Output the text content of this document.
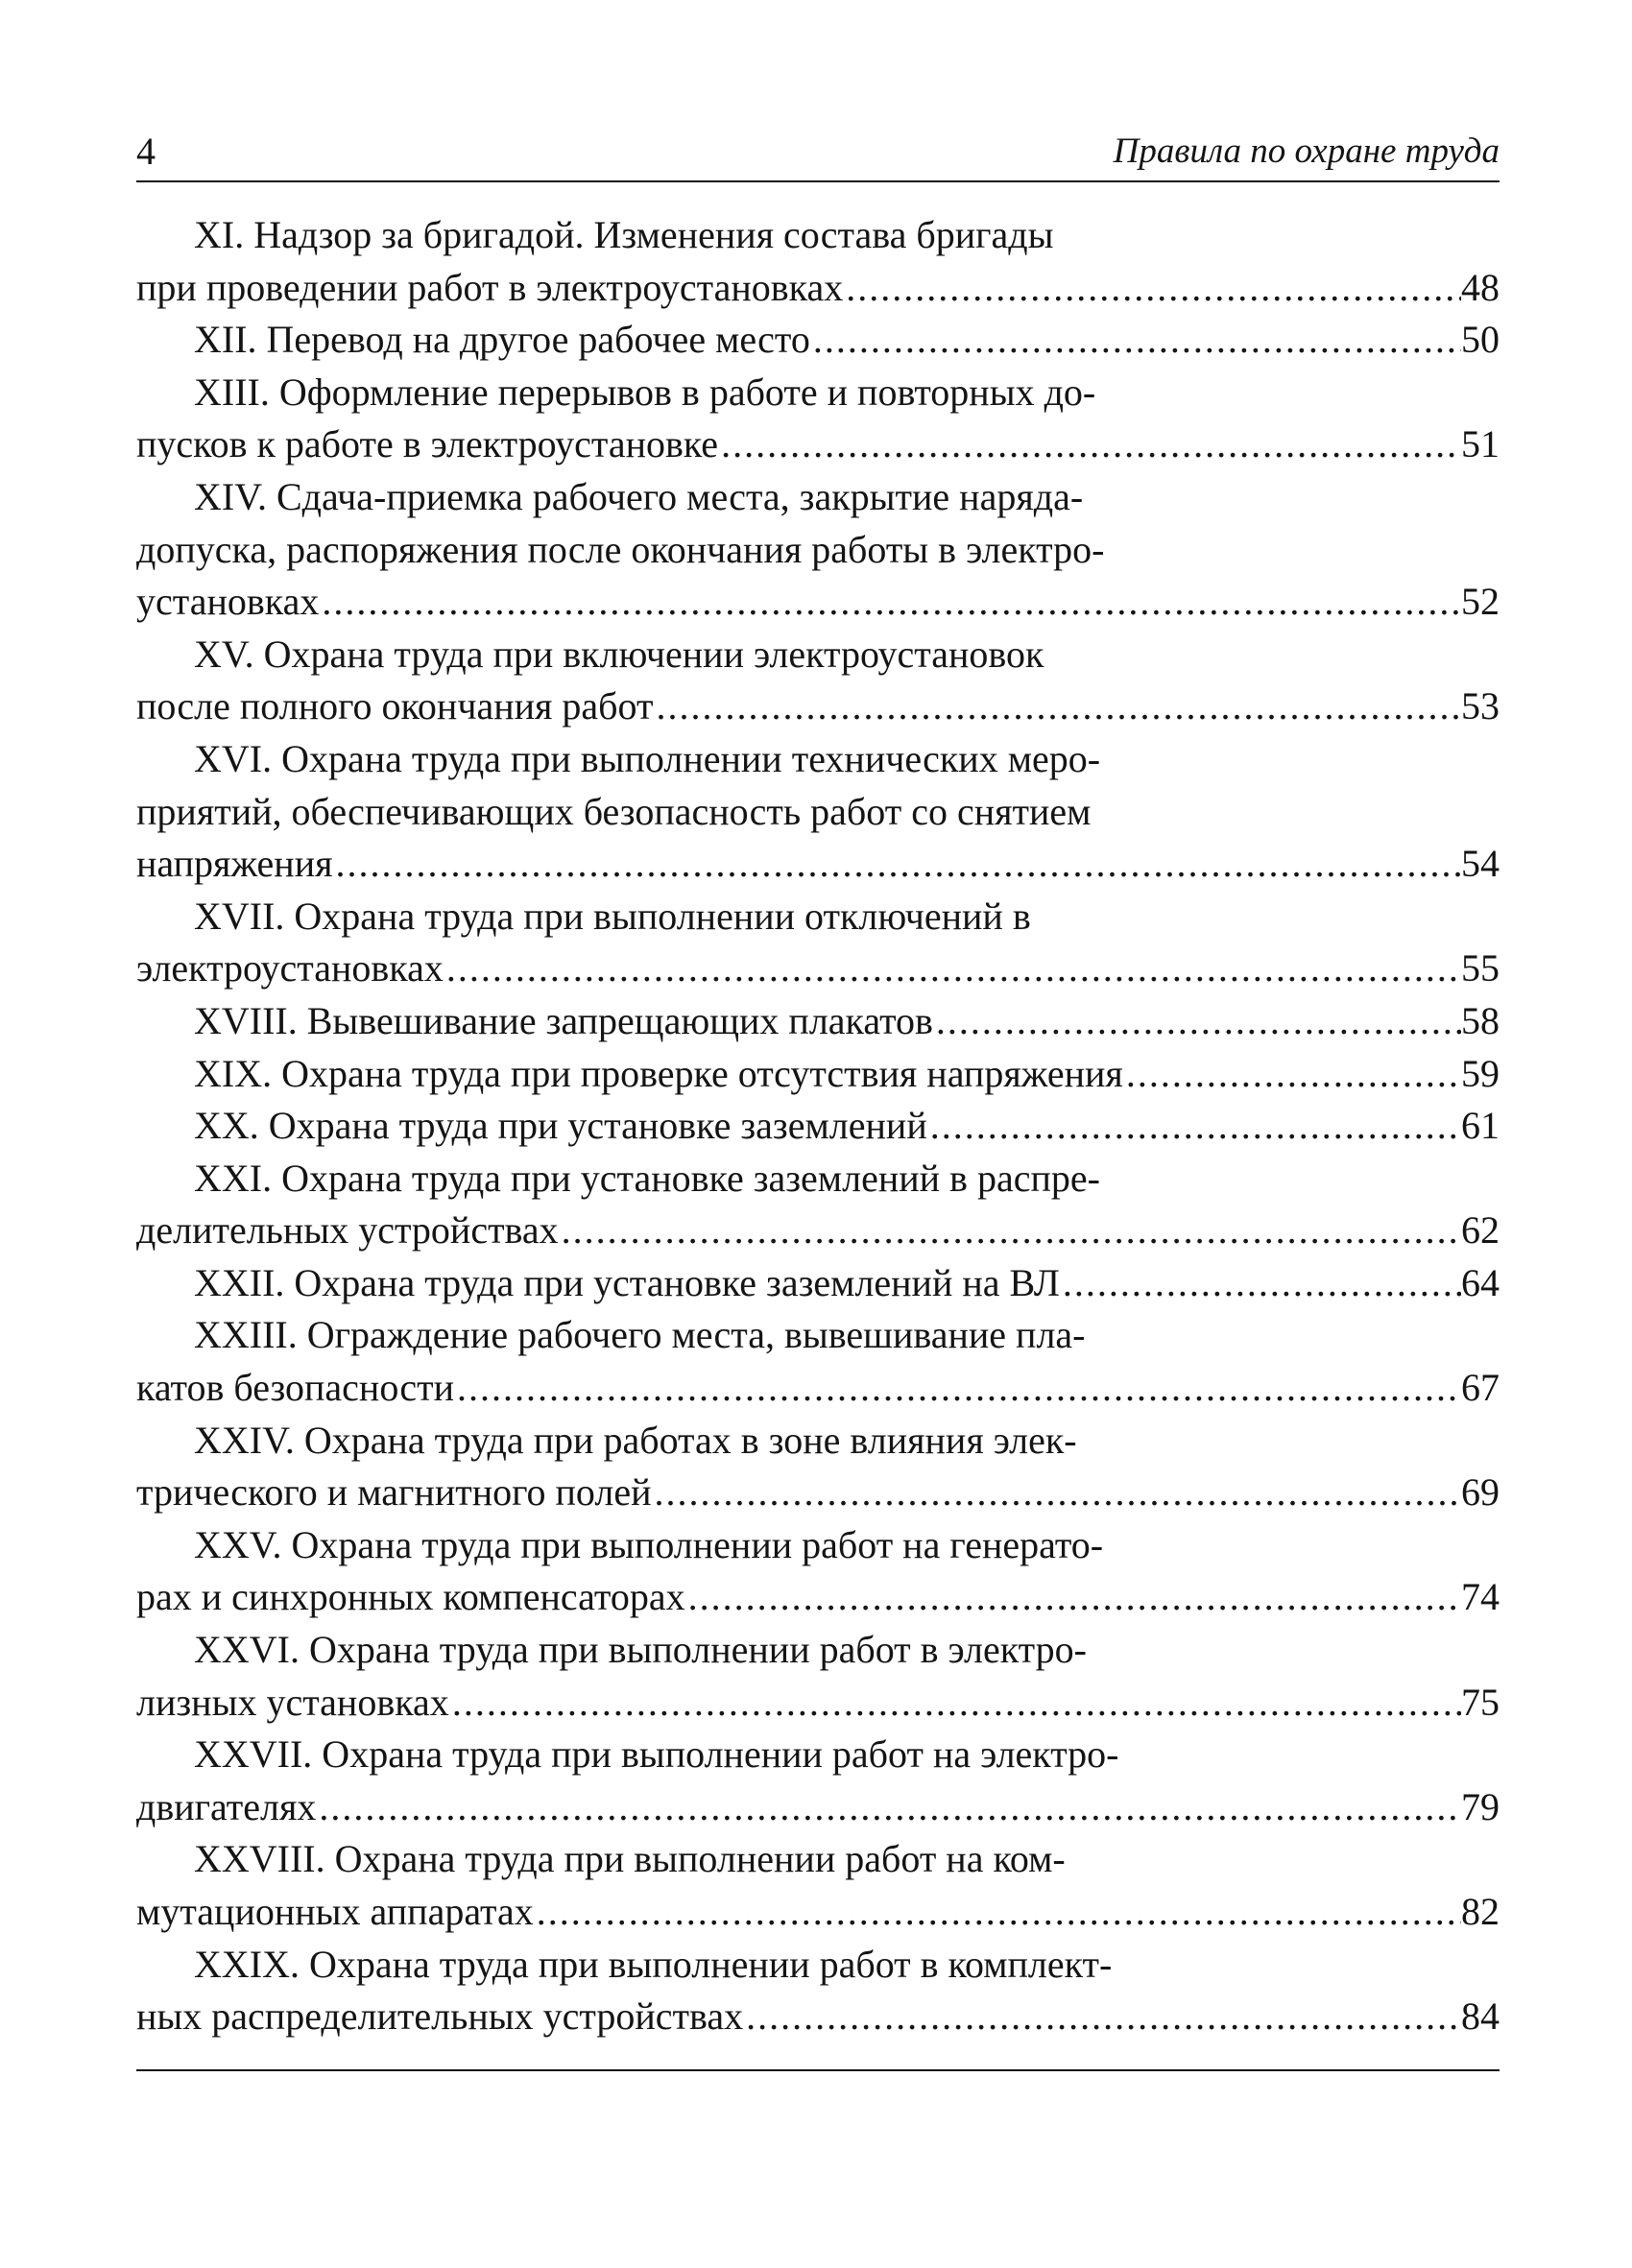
4	Правила по охране труда
XI. Надзор за бригадой. Изменения состава бригады
при проведении работ в электроустановках . . .	48
XII. Перевод на другое рабочее место . . .	50
XIII. Оформление перерывов в работе и повторных до-
пусков к работе в электроустановке . . .	51
XIV. Сдача-приемка рабочего места, закрытие наряда-
допуска, распоряжения после окончания работы в электро-
установках . . .	52
XV. Охрана труда при включении электроустановок
после полного окончания работ . . .	53
XVI. Охрана труда при выполнении технических меро-
приятий, обеспечивающих безопасность работ со снятием
напряжения . . .	54
XVII. Охрана труда при выполнении отключений в
электроустановках . . .	55
XVIII. Вывешивание запрещающих плакатов . . .	58
XIX. Охрана труда при проверке отсутствия напряжения . . .	59
XX. Охрана труда при установке заземлений . . .	61
XXI. Охрана труда при установке заземлений в распре-
делительных устройствах . . .	62
XXII. Охрана труда при установке заземлений на ВЛ . . .	64
XXIII. Ограждение рабочего места, вывешивание пла-
катов безопасности . . .	67
XXIV. Охрана труда при работах в зоне влияния элек-
трического и магнитного полей . . .	69
XXV. Охрана труда при выполнении работ на генерато-
рах и синхронных компенсаторах . . .	74
XXVI. Охрана труда при выполнении работ в электро-
лизных установках . . .	75
XXVII. Охрана труда при выполнении работ на электро-
двигателях . . .	79
XXVIII. Охрана труда при выполнении работ на ком-
мутационных аппаратах . . .	82
XXIX. Охрана труда при выполнении работ в комплект-
ных распределительных устройствах . . .	84
